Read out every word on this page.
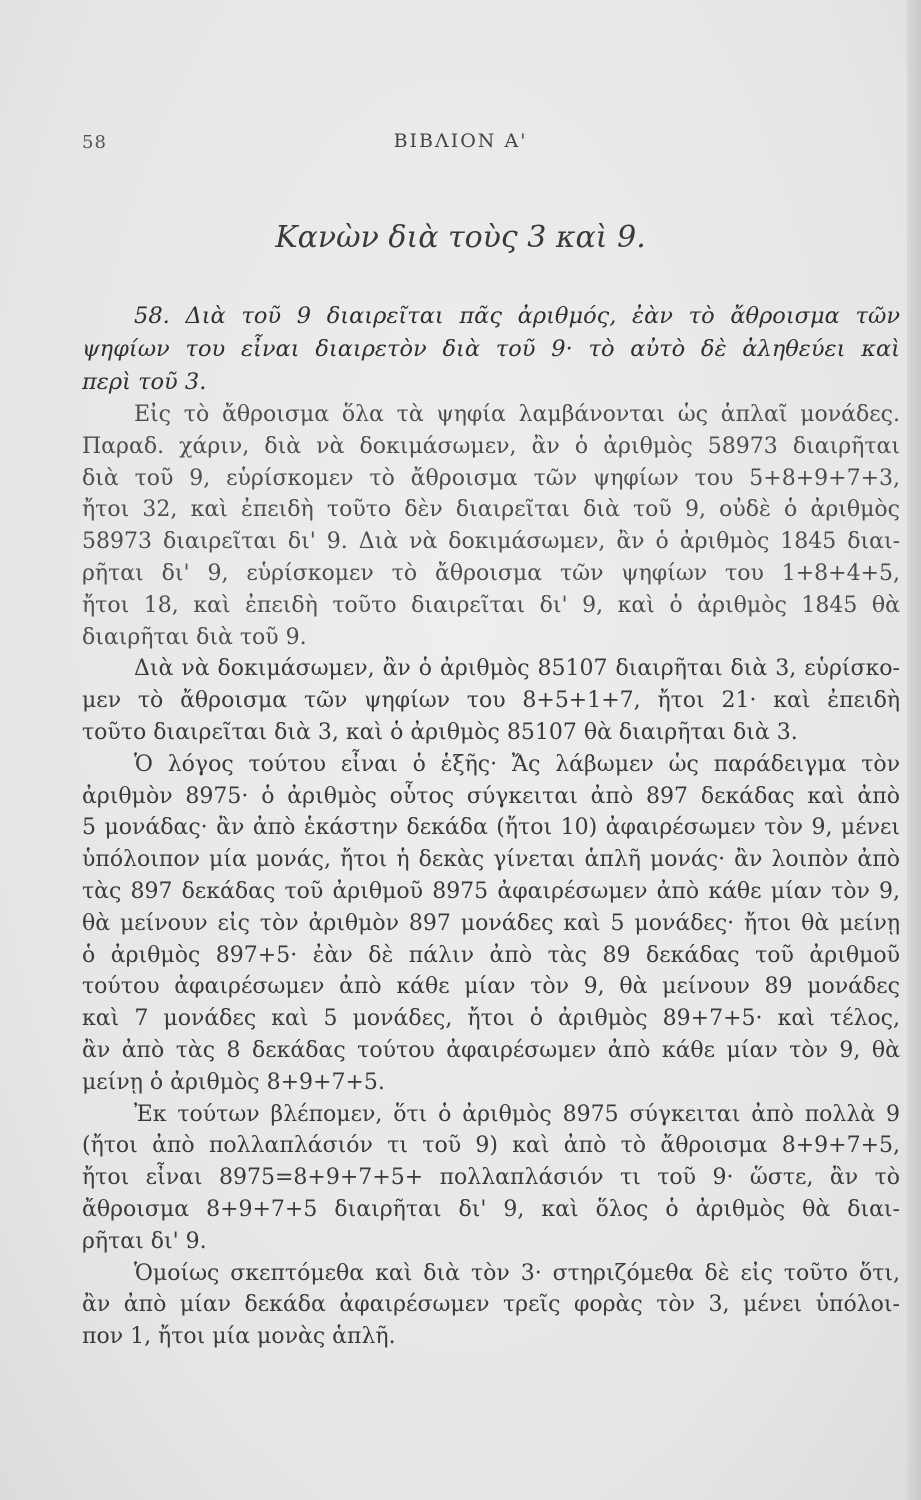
58	ΒΙΒΛΙΟΝ Α'
Κανὼν διὰ τοὺς 3 καὶ 9.
58. Διὰ τοῦ 9 διαιρεῖται πᾶς ἀριθμός, ἐὰν τὸ ἄθροισμα τῶν
ψηφίων του εἶναι διαιρετὸν διὰ τοῦ 9· τὸ αὐτὸ δὲ ἀληθεύει καὶ
περὶ τοῦ 3.
Εἰς τὸ ἄθροισμα ὅλα τὰ ψηφία λαμβάνονται ὡς ἁπλαῖ μονάδες.
Παραδ. χάριν, διὰ νὰ δοκιμάσωμεν, ἂν ὁ ἀριθμὸς 58973 διαιρῆται
διὰ τοῦ 9, εὑρίσκομεν τὸ ἄθροισμα τῶν ψηφίων του 5+8+9+7+3,
ἤτοι 32, καὶ ἐπειδὴ τοῦτο δὲν διαιρεῖται διὰ τοῦ 9, οὐδὲ ὁ ἀριθμὸς
58973 διαιρεῖται δι' 9. Διὰ νὰ δοκιμάσωμεν, ἂν ὁ ἀριθμὸς 1845 διαι-
ρῆται δι' 9, εὑρίσκομεν τὸ ἄθροισμα τῶν ψηφίων του 1+8+4+5,
ἤτοι 18, καὶ ἐπειδὴ τοῦτο διαιρεῖται δι' 9, καὶ ὁ ἀριθμὸς 1845 θὰ
διαιρῆται διὰ τοῦ 9.
Διὰ νὰ δοκιμάσωμεν, ἂν ὁ ἀριθμὸς 85107 διαιρῆται διὰ 3, εὑρίσκο-
μεν τὸ ἄθροισμα τῶν ψηφίων του 8+5+1+7, ἤτοι 21· καὶ ἐπειδὴ
τοῦτο διαιρεῖται διὰ 3, καὶ ὁ ἀριθμὸς 85107 θὰ διαιρῆται διὰ 3.
Ὁ λόγος τούτου εἶναι ὁ ἑξῆς· Ἄς λάβωμεν ὡς παράδειγμα τὸν
ἀριθμὸν 8975· ὁ ἀριθμὸς οὗτος σύγκειται ἀπὸ 897 δεκάδας καὶ ἀπὸ
5 μονάδας· ἂν ἀπὸ ἑκάστην δεκάδα (ἤτοι 10) ἀφαιρέσωμεν τὸν 9, μένει
ὑπόλοιπον μία μονάς, ἤτοι ἡ δεκὰς γίνεται ἁπλῆ μονάς· ἂν λοιπὸν ἀπὸ
τὰς 897 δεκάδας τοῦ ἀριθμοῦ 8975 ἀφαιρέσωμεν ἀπὸ κάθε μίαν τὸν 9,
θὰ μείνουν εἰς τὸν ἀριθμὸν 897 μονάδες καὶ 5 μονάδες· ἤτοι θὰ μείνῃ
ὁ ἀριθμὸς 897+5· ἐὰν δὲ πάλιν ἀπὸ τὰς 89 δεκάδας τοῦ ἀριθμοῦ
τούτου ἀφαιρέσωμεν ἀπὸ κάθε μίαν τὸν 9, θὰ μείνουν 89 μονάδες
καὶ 7 μονάδες καὶ 5 μονάδες, ἤτοι ὁ ἀριθμὸς 89+7+5· καὶ τέλος,
ἂν ἀπὸ τὰς 8 δεκάδας τούτου ἀφαιρέσωμεν ἀπὸ κάθε μίαν τὸν 9, θὰ
μείνῃ ὁ ἀριθμὸς 8+9+7+5.
Ἐκ τούτων βλέπομεν, ὅτι ὁ ἀριθμὸς 8975 σύγκειται ἀπὸ πολλὰ 9
(ἤτοι ἀπὸ πολλαπλάσιόν τι τοῦ 9) καὶ ἀπὸ τὸ ἄθροισμα 8+9+7+5,
ἤτοι εἶναι 8975=8+9+7+5+ πολλαπλάσιόν τι τοῦ 9· ὥστε, ἂν τὸ
ἄθροισμα 8+9+7+5 διαιρῆται δι' 9, καὶ ὅλος ὁ ἀριθμὸς θὰ διαι-
ρῆται δι' 9.
Ὁμοίως σκεπτόμεθα καὶ διὰ τὸν 3· στηριζόμεθα δὲ εἰς τοῦτο ὅτι,
ἂν ἀπὸ μίαν δεκάδα ἀφαιρέσωμεν τρεῖς φορὰς τὸν 3, μένει ὑπόλοι-
πον 1, ἤτοι μία μονὰς ἁπλῆ.
